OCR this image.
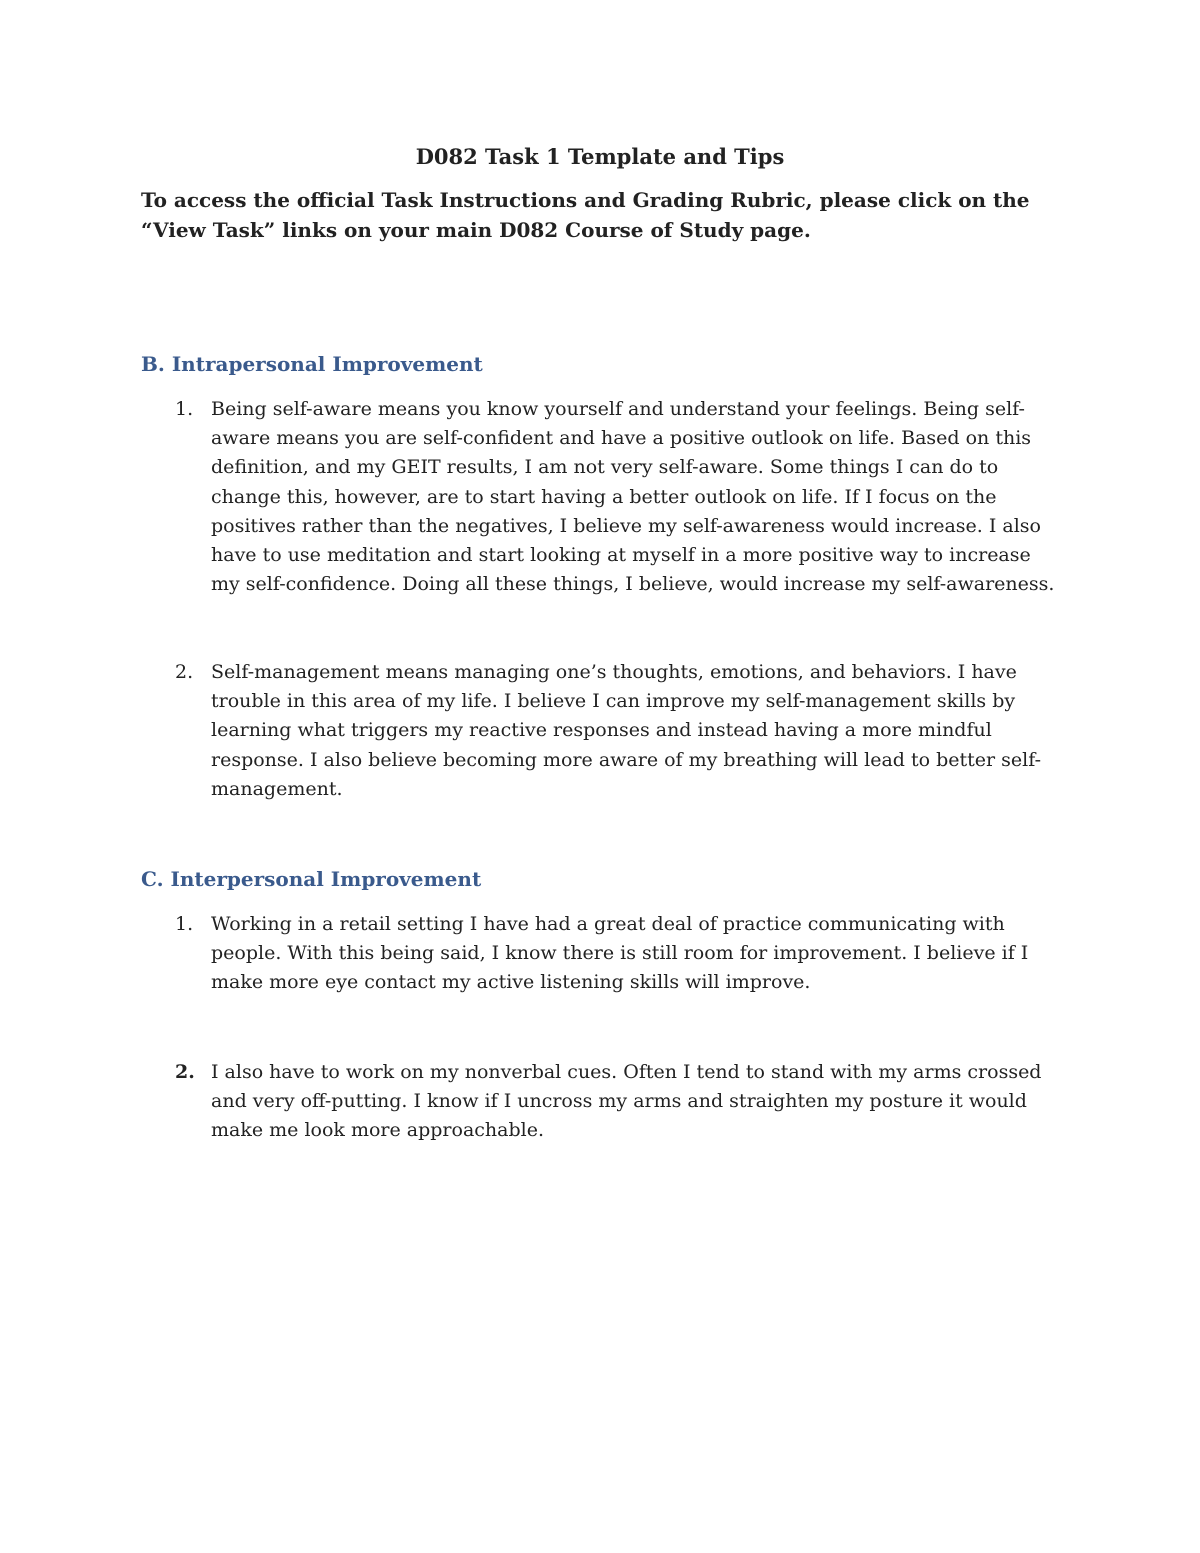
D082 Task 1 Template and Tips
To access the official Task Instructions and Grading Rubric, please click on the “View Task” links on your main D082 Course of Study page.
B. Intrapersonal Improvement
1. Being self-aware means you know yourself and understand your feelings. Being self-aware means you are self-confident and have a positive outlook on life. Based on this definition, and my GEIT results, I am not very self-aware. Some things I can do to change this, however, are to start having a better outlook on life. If I focus on the positives rather than the negatives, I believe my self-awareness would increase. I also have to use meditation and start looking at myself in a more positive way to increase my self-confidence. Doing all these things, I believe, would increase my self-awareness.
2. Self-management means managing one’s thoughts, emotions, and behaviors. I have trouble in this area of my life. I believe I can improve my self-management skills by learning what triggers my reactive responses and instead having a more mindful response. I also believe becoming more aware of my breathing will lead to better self-management.
C. Interpersonal Improvement
1. Working in a retail setting I have had a great deal of practice communicating with people. With this being said, I know there is still room for improvement. I believe if I make more eye contact my active listening skills will improve.
2. I also have to work on my nonverbal cues. Often I tend to stand with my arms crossed and very off-putting. I know if I uncross my arms and straighten my posture it would make me look more approachable.
